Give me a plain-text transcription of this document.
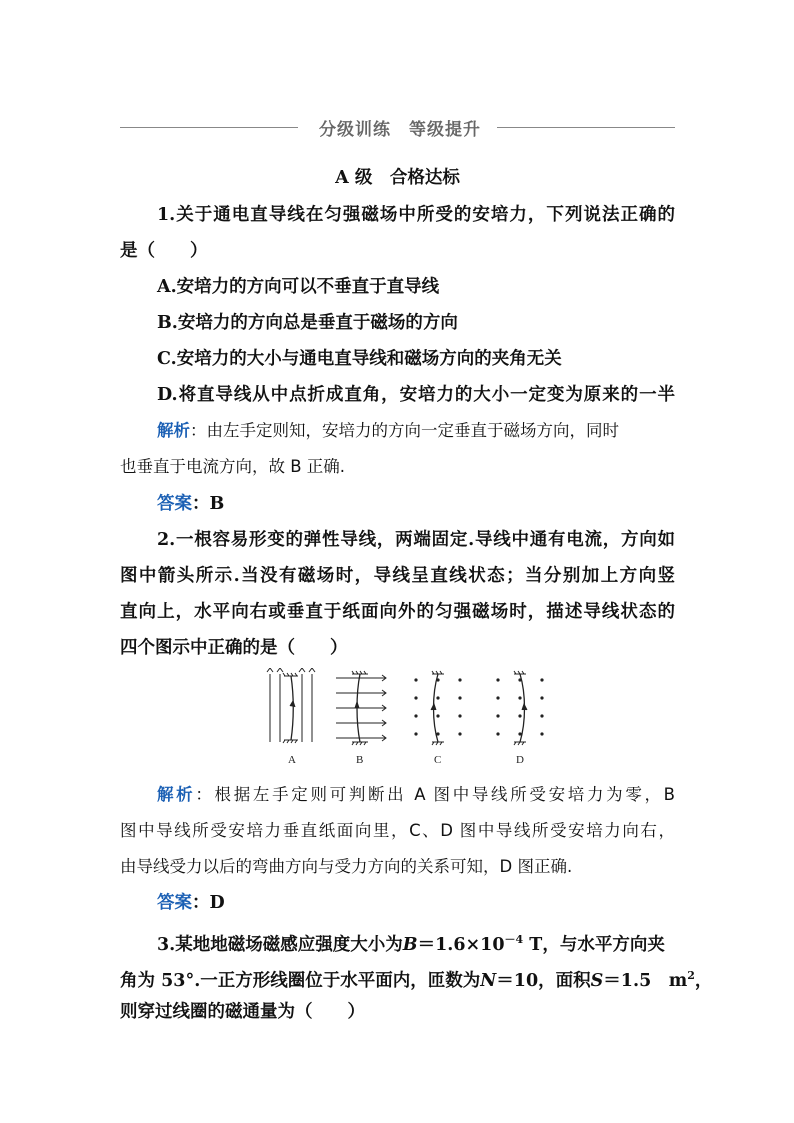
分级训练　等级提升
A 级　合格达标
1.关于通电直导线在匀强磁场中所受的安培力，下列说法正确的
是（　　）
A.安培力的方向可以不垂直于直导线
B.安培力的方向总是垂直于磁场的方向
C.安培力的大小与通电直导线和磁场方向的夹角无关
D.将直导线从中点折成直角，安培力的大小一定变为原来的一半
解析：由左手定则知，安培力的方向一定垂直于磁场方向，同时
也垂直于电流方向，故 B 正确.
答案：B
2.一根容易形变的弹性导线，两端固定.导线中通有电流，方向如
图中箭头所示.当没有磁场时，导线呈直线状态；当分别加上方向竖
直向上，水平向右或垂直于纸面向外的匀强磁场时，描述导线状态的
四个图示中正确的是（　　）
A	B	C	D
解析：根据左手定则可判断出 A 图中导线所受安培力为零，B
图中导线所受安培力垂直纸面向里，C、D 图中导线所受安培力向右，
由导线受力以后的弯曲方向与受力方向的关系可知，D 图正确.
答案：D
3.某地地磁场磁感应强度大小为$B=1.6\times 10^{-4}$ T，与水平方向夹
角为 53°.一正方形线圈位于水平面内，匝数为N＝10，面积S＝1.5　$m^2$，
则穿过线圈的磁通量为（　　）
